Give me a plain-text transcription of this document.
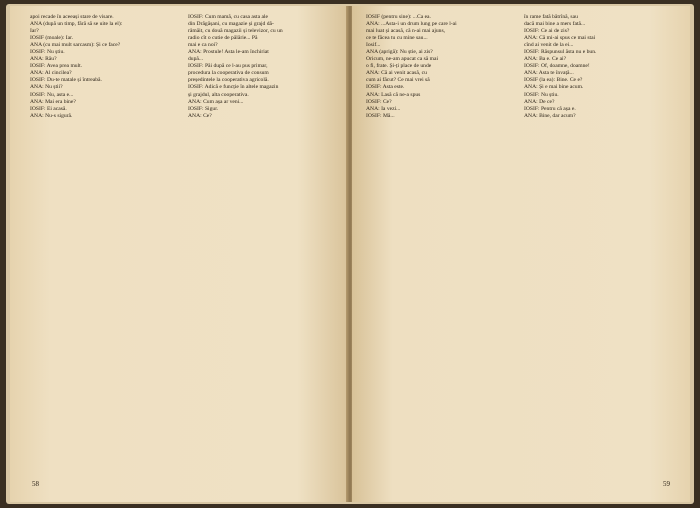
apoi recade în aceeași stare de visare.
ANA (după un timp, fără să se uite la el):
Iar?
IOSIF (moale): Iar.
ANA (cu mai mult sarcasm): Și ce face?
IOSIF: Nu știu.
ANA: Rău?
IOSIF: Avea prea mult.
ANA: Al cincilea?
IOSIF: Du-te matale și întreabă.
ANA: Nu știi?
IOSIF: Nu, asta e...
ANA: Mai era bine?
IOSIF: Ei acasă.
ANA: Nu-s sigură.
IOSIF: Cum mamă, cu casa asta ale
din Drăgășani, cu magazie și grajd dă-
râmăit, cu două magazii și televizor, cu un
radio cît o cutie de pălărie... Pă
mai e ca noi?
ANA: Prostule! Asta le-am închiriat
după...
IOSIF: Păi după ce l-au pus primar,
procedura la cooperativa de consum
președintele la cooperativa agricolă.
IOSIF: Adică e funcție în altele magazin
și grajdul, alta cooperativa.
ANA: Cum așa ar veni...
IOSIF: Sigur.
ANA: Ce?
58
IOSIF (pentru sine): ...Ca ea.
ANA: ...Asta-i un drum lung pe care l-ai
mai luat și acasă, că n-ai mai ajuns,
ce te făcea tu cu mine sau...
Iosif...
ANA (aprigă): Nu știe, ai zis?
Oricum, ne-am apucat ca să mai
o fi, frate. Și-ți place de unde
ANA: Că ai venit acasă, cu
cum ai făcut? Ce mai vrei să
IOSIF: Asta este.
ANA: Lasă că ne-a spus
IOSIF: Ce?
ANA: Ia vezi...
IOSIF: Mă...
în rame fată bătrînă, sau
dacă mai bine a mers fată...
IOSIF: Ce ai de zis?
ANA: Că mi-ai spus ce mai stai
cînd ai venit de la ei...
IOSIF: Răspunsul ăsta nu e bun.
ANA: Ba e. Ce ai?
IOSIF: Of, doamne, doamne!
ANA: Asta te învață...
IOSIF (la ea): Bine. Ce e?
ANA: Și e mai bine acum.
IOSIF: Nu știu.
ANA: De ce?
IOSIF: Pentru că așa e.
ANA: Bine, dar acum?
59
